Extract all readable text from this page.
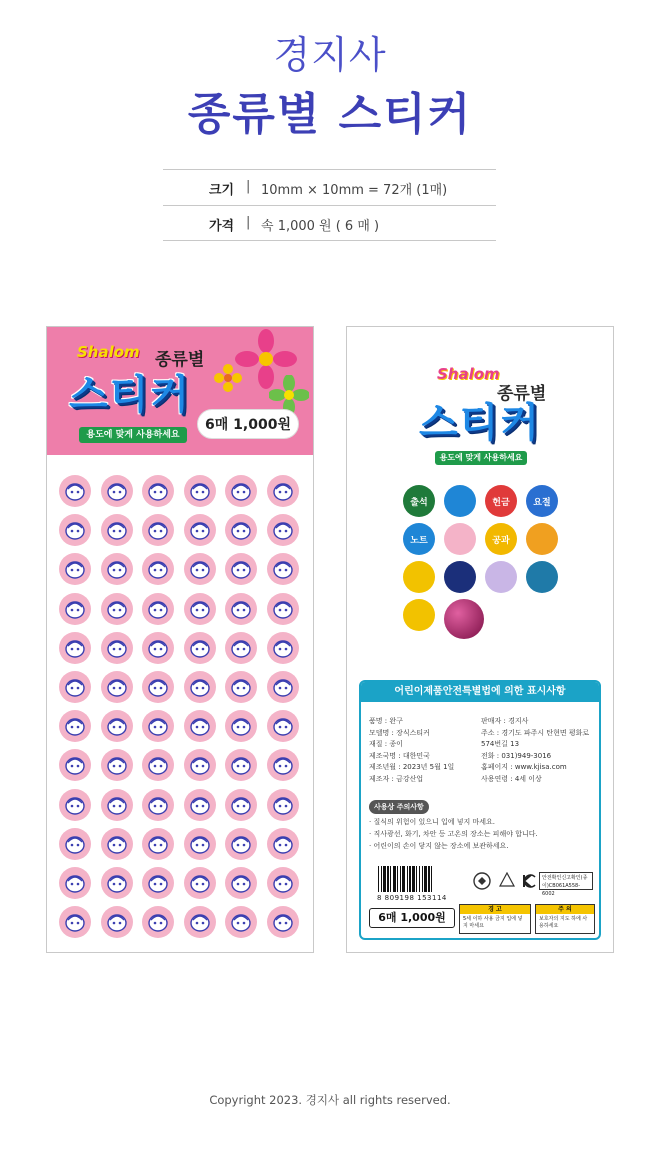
경지사
종류별 스티커
크기 | 10mm × 10mm = 72개 (1매)
가격 | 속 1,000 원 ( 6 매 )
Shalom 종류별
스티커
6매 1,000원
용도에 맞게 사용하세요
Shalom
종류별
스티커
용도에 맞게 사용하세요
출석	헌금	요절
노트	공과
어린이제품안전특별법에 의한 표시사항
품명 : 완구
모델명 : 장식스티커
재질 : 종이
제조국명 : 대한민국
제조년월 : 2023년 5월 1일
제조자 : 금강산업
판매자 : 경지사
주소 : 경기도 파주시 탄현면 평화로574번길 13
전화 : 031)949-3016
홈페이지 : www.kjisa.com
사용연령 : 4세 이상
사용상 주의사항
· 질식의 위험이 있으니 입에 넣지 마세요.
· 직사광선, 화기, 차안 등 고온의 장소는 피해야 합니다.
· 어린이의 손이 닿지 않는 장소에 보관하세요.
8 809198 153114
안전확인신고확인(종이)CB061A558-6002
6매 1,000원
경 고
5세 이하 사용 금지 입에 넣지 마세요
주 의
보호자의 지도 하에 사용하세요
Copyright 2023. 경지사 all rights reserved.
